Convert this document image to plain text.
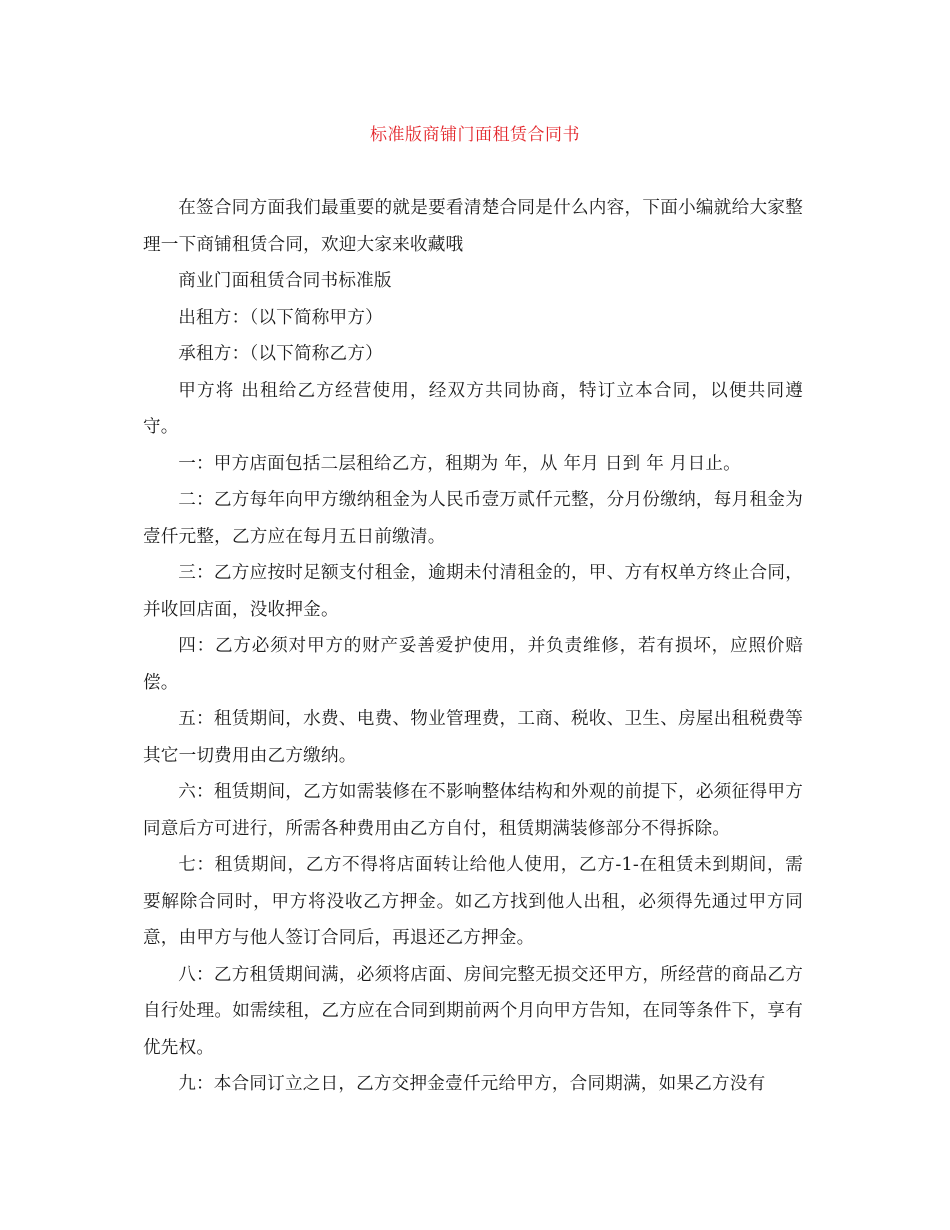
标准版商铺门面租赁合同书

在签合同方面我们最重要的就是要看清楚合同是什么内容，下面小编就给大家整理一下商铺租赁合同，欢迎大家来收藏哦

商业门面租赁合同书标准版

出租方：（以下简称甲方）

承租方：（以下简称乙方）

甲方将 出租给乙方经营使用，经双方共同协商，特订立本合同，以便共同遵守。

一：甲方店面包括二层租给乙方，租期为 年，从 年月 日到 年 月日止。

二：乙方每年向甲方缴纳租金为人民币壹万贰仟元整，分月份缴纳，每月租金为壹仟元整，乙方应在每月五日前缴清。

三：乙方应按时足额支付租金，逾期未付清租金的，甲、方有权单方终止合同，并收回店面，没收押金。

四：乙方必须对甲方的财产妥善爱护使用，并负责维修，若有损坏，应照价赔偿。

五：租赁期间，水费、电费、物业管理费，工商、税收、卫生、房屋出租税费等其它一切费用由乙方缴纳。

六：租赁期间，乙方如需装修在不影响整体结构和外观的前提下，必须征得甲方同意后方可进行，所需各种费用由乙方自付，租赁期满装修部分不得拆除。

七：租赁期间，乙方不得将店面转让给他人使用，乙方-1-在租赁未到期间，需要解除合同时，甲方将没收乙方押金。如乙方找到他人出租，必须得先通过甲方同意，由甲方与他人签订合同后，再退还乙方押金。

八：乙方租赁期间满，必须将店面、房间完整无损交还甲方，所经营的商品乙方自行处理。如需续租，乙方应在合同到期前两个月向甲方告知，在同等条件下，享有优先权。

九：本合同订立之日，乙方交押金壹仟元给甲方，合同期满，如果乙方没有
